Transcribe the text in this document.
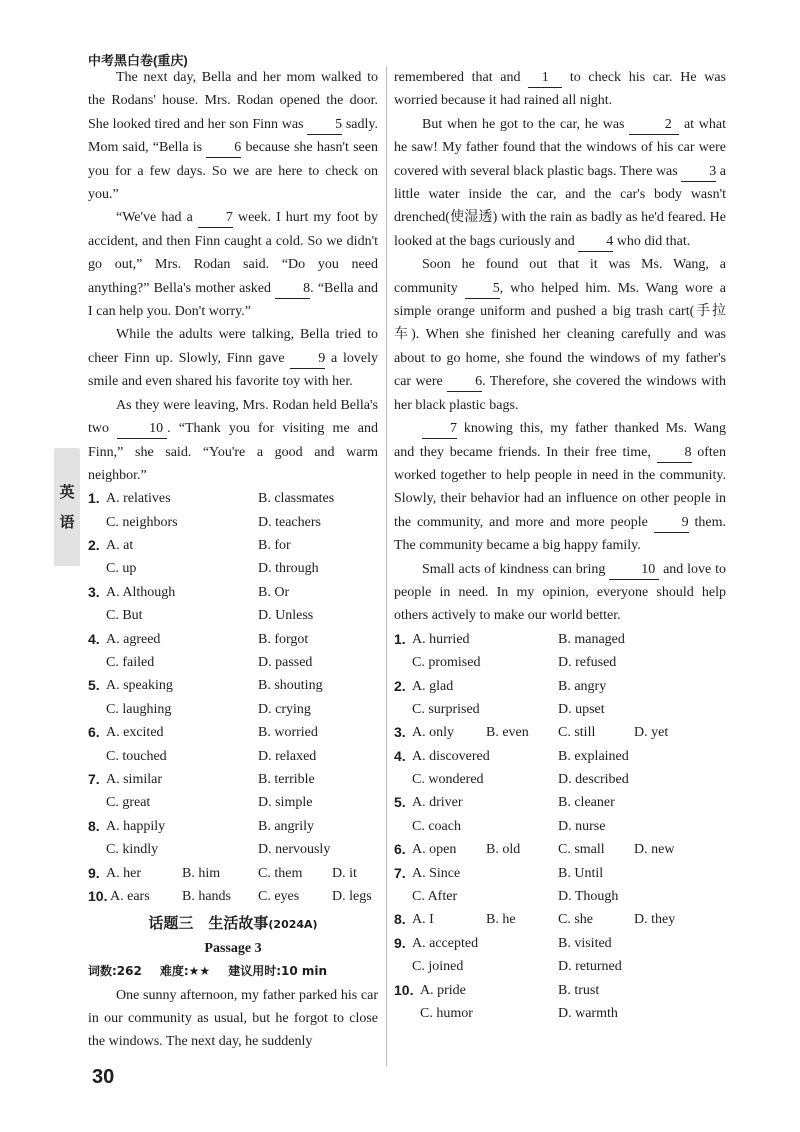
中考黑白卷(重庆)
英
语

The next day, Bella and her mom walked to the Rodans' house. Mrs. Rodan opened the door. She looked tired and her son Finn was 5 sadly. Mom said, “Bella is 6 because she hasn't seen you for a few days. So we are here to check on you.”

“We've had a 7 week. I hurt my foot by accident, and then Finn caught a cold. So we didn't go out,” Mrs. Rodan said. “Do you need anything?” Bella's mother asked 8. “Bella and I can help you. Don't worry.”

While the adults were talking, Bella tried to cheer Finn up. Slowly, Finn gave 9 a lovely smile and even shared his favorite toy with her.

As they were leaving, Mrs. Rodan held Bella's two 10 . “Thank you for visiting me and Finn,” she said. “You're a good and warm neighbor.”

1. A. relatives	B. classmates
C. neighbors	D. teachers
2. A. at	B. for
C. up	D. through
3. A. Although	B. Or
C. But	D. Unless
4. A. agreed	B. forgot
C. failed	D. passed
5. A. speaking	B. shouting
C. laughing	D. crying
6. A. excited	B. worried
C. touched	D. relaxed
7. A. similar	B. terrible
C. great	D. simple
8. A. happily	B. angrily
C. kindly	D. nervously
9. A. her	B. him	C. them D. it
10. A. ears B. hands C. eyes D. legs
话题三　生活故事(2024A)
Passage 3
词数:262 难度:★★ 建议用时:10 min

One sunny afternoon, my father parked his car in our community as usual, but he forgot to close the windows. The next day, he suddenly

remembered that and 1 to check his car. He was worried because it had rained all night.

But when he got to the car, he was	2 at what he saw! My father found that the windows of his car were covered with several black plastic bags. There was 3 a little water inside the car, and the car's body wasn't drenched(使湿透) with the rain as badly as he'd feared. He looked at the bags curiously and 4 who did that.

Soon he found out that it was Ms. Wang, a community 5, who helped him. Ms. Wang wore a simple orange uniform and pushed a big trash cart(手拉车). When she finished her cleaning carefully and was about to go home, she found the windows of my father's car were 6. Therefore, she covered the windows with her black plastic bags.

7 knowing this, my father thanked Ms. Wang and they became friends. In their free time, 8 often worked together to help people in need in the community. Slowly, their behavior had an influence on other people in the community, and more and more people 9 them. The community became a big happy family.

Small acts of kindness can bring 10 and love to people in need. In my opinion, everyone should help others actively to make our world better.

1. A. hurried	B. managed
C. promised	D. refused
2. A. glad	B. angry
C. surprised	D. upset
3. A. only B. even C. still	D. yet
4. A. discovered	B. explained
C. wondered	D. described
5. A. driver	B. cleaner
C. coach	D. nurse
6. A. open B. old	C. small D. new
7. A. Since	B. Until
C. After	D. Though
8. A. I	B. he	C. she	D. they
9. A. accepted	B. visited
C. joined	D. returned
10. A. pride	B. trust
C. humor	D. warmth
30
